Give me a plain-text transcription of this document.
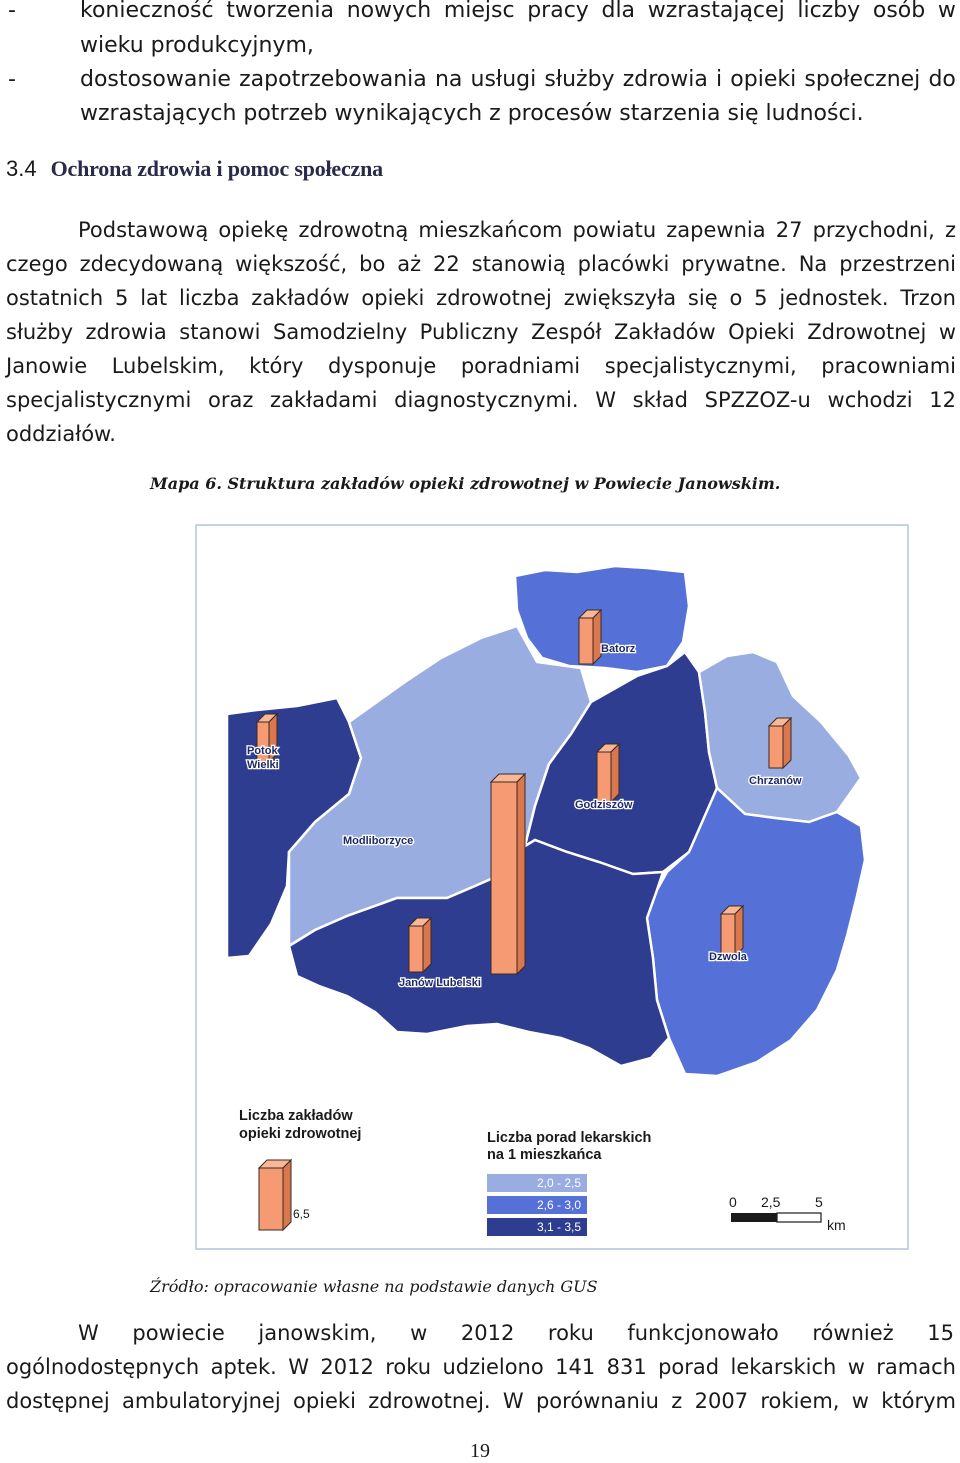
-	konieczność tworzenia nowych miejsc pracy dla wzrastającej liczby osób w
wieku produkcyjnym,
-	dostosowanie zapotrzebowania na usługi służby zdrowia i opieki społecznej do
wzrastających potrzeb wynikających z procesów starzenia się ludności.
3.4 Ochrona zdrowia i pomoc społeczna
Podstawową opiekę zdrowotną mieszkańcom powiatu zapewnia 27 przychodni, z
czego zdecydowaną większość, bo aż 22 stanowią placówki prywatne. Na przestrzeni
ostatnich 5 lat liczba zakładów opieki zdrowotnej zwiększyła się o 5 jednostek. Trzon
służby zdrowia stanowi Samodzielny Publiczny Zespół Zakładów Opieki Zdrowotnej w
Janowie Lubelskim, który dysponuje poradniami specjalistycznymi, pracowniami
specjalistycznymi oraz zakładami diagnostycznymi. W skład SPZZOZ-u wchodzi 12
oddziałów.
Mapa 6. Struktura zakładów opieki zdrowotnej w Powiecie Janowskim.
Batorz
Potok Wielki
Modliborzyce
Godziszów
Chrzanów
Dzwola
Janów Lubelski
Liczba zakładów
opieki zdrowotnej
6,5
Liczba porad lekarskich
na 1 mieszkańca
2,0 - 2,5
2,6 - 3,0
3,1 - 3,5
0 2,5 5
km
Źródło: opracowanie własne na podstawie danych GUS
W powiecie janowskim, w 2012 roku funkcjonowało również 15
ogólnodostępnych aptek. W 2012 roku udzielono 141 831 porad lekarskich w ramach
dostępnej ambulatoryjnej opieki zdrowotnej. W porównaniu z 2007 rokiem, w którym
19
